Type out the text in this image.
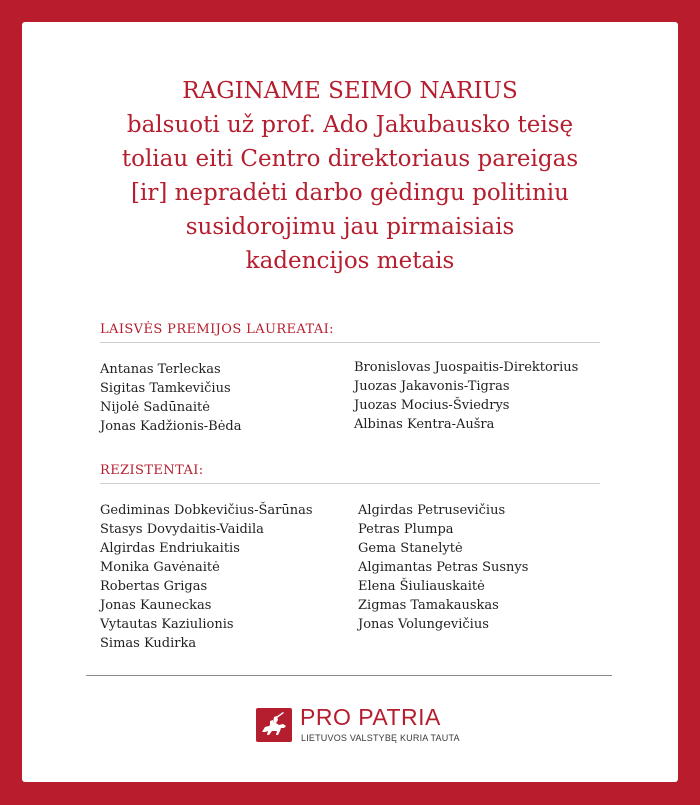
RAGINAME SEIMO NARIUS
balsuoti už prof. Ado Jakubausko teisę
toliau eiti Centro direktoriaus pareigas
[ir] nepradėti darbo gėdingu politiniu
susidorojimu jau pirmaisiais
kadencijos metais
LAISVĖS PREMIJOS LAUREATAI:
Antanas Terleckas
Sigitas Tamkevičius
Nijolė Sadūnaitė
Jonas Kadžionis-Bėda
Bronislovas Juospaitis-Direktorius
Juozas Jakavonis-Tigras
Juozas Mocius-Šviedrys
Albinas Kentra-Aušra
REZISTENTAI:
Gediminas Dobkevičius-Šarūnas
Stasys Dovydaitis-Vaidila
Algirdas Endriukaitis
Monika Gavėnaitė
Robertas Grigas
Jonas Kauneckas
Vytautas Kaziulionis
Simas Kudirka
Algirdas Petrusevičius
Petras Plumpa
Gema Stanelytė
Algimantas Petras Susnys
Elena Šiuliauskaitė
Zigmas Tamakauskas
Jonas Volungevičius
PRO PATRIA
LIETUVOS VALSTYBĘ KURIA TAUTA
